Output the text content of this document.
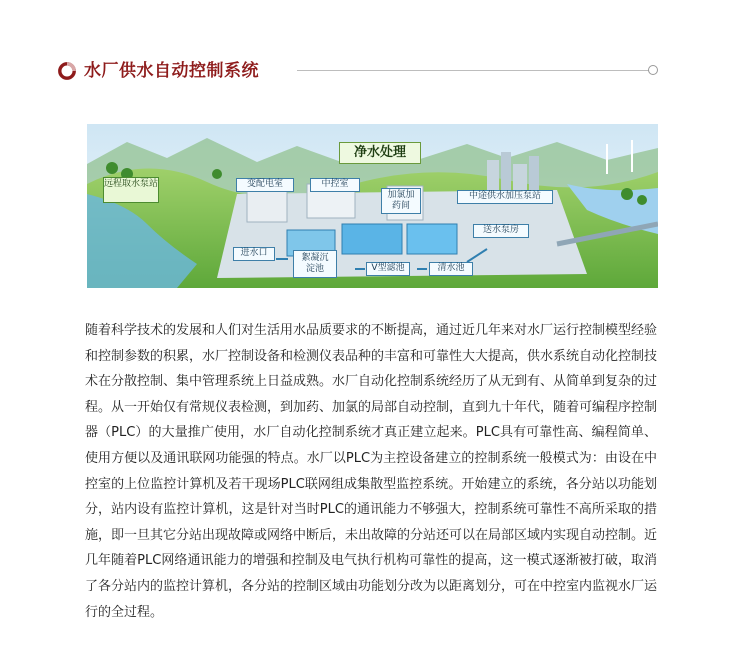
水厂供水自动控制系统
净水处理
远程取水泵站	变配电室	中控室
加氯加药间
中途供水加压泵站
送水泵房
进水口	絮凝沉淀池	V型滤池	清水池

随着科学技术的发展和人们对生活用水品质要求的不断提高，通过近几年来对水厂运行控制模型经验和控制参数的积累，水厂控制设备和检测仪表品种的丰富和可靠性大大提高，供水系统自动化控制技术在分散控制、集中管理系统上日益成熟。水厂自动化控制系统经历了从无到有、从简单到复杂的过程。从一开始仅有常规仪表检测，到加药、加氯的局部自动控制，直到九十年代，随着可编程序控制器（PLC）的大量推广使用，水厂自动化控制系统才真正建立起来。PLC具有可靠性高、编程简单、使用方便以及通讯联网功能强的特点。水厂以PLC为主控设备建立的控制系统一般模式为：由设在中控室的上位监控计算机及若干现场PLC联网组成集散型监控系统。开始建立的系统，各分站以功能划分，站内设有监控计算机，这是针对当时PLC的通讯能力不够强大，控制系统可靠性不高所采取的措施，即一旦其它分站出现故障或网络中断后，未出故障的分站还可以在局部区域内实现自动控制。近几年随着PLC网络通讯能力的增强和控制及电气执行机构可靠性的提高，这一模式逐渐被打破，取消了各分站内的监控计算机，各分站的控制区域由功能划分改为以距离划分，可在中控室内监视水厂运行的全过程。
